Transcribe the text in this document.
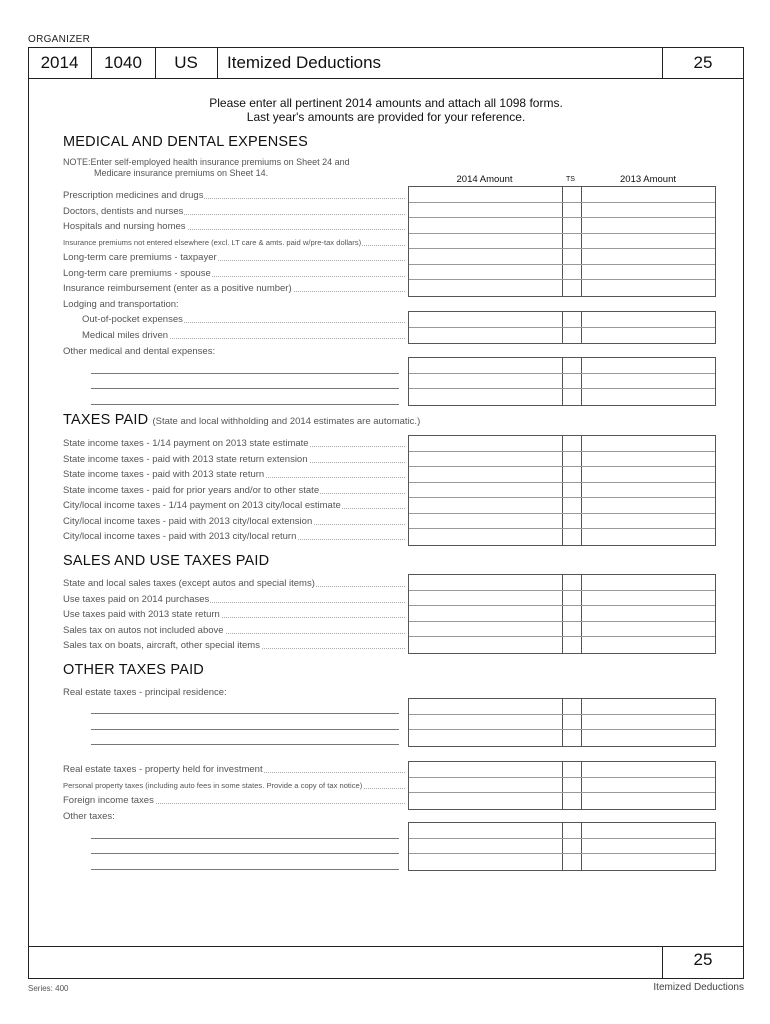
ORGANIZER
2014	1040	US	Itemized Deductions	25
Please enter all pertinent 2014 amounts and attach all 1098 forms.
Last year's amounts are provided for your reference.
MEDICAL AND DENTAL EXPENSES
NOTE:Enter self-employed health insurance premiums on Sheet 24 and
Medicare insurance premiums on Sheet 14.
2014 Amount	TS	2013 Amount
Prescription medicines and drugs
Doctors, dentists and nurses
Hospitals and nursing homes
Insurance premiums not entered elsewhere (excl. LT care & amts. paid w/pre-tax dollars)
Long-term care premiums - taxpayer
Long-term care premiums - spouse
Insurance reimbursement (enter as a positive number)
Lodging and transportation:
Out-of-pocket expenses
Medical miles driven
Other medical and dental expenses:
TAXES PAID (State and local withholding and 2014 estimates are automatic.)
State income taxes - 1/14 payment on 2013 state estimate
State income taxes - paid with 2013 state return extension
State income taxes - paid with 2013 state return
State income taxes - paid for prior years and/or to other state
City/local income taxes - 1/14 payment on 2013 city/local estimate
City/local income taxes - paid with 2013 city/local extension
City/local income taxes - paid with 2013 city/local return
SALES AND USE TAXES PAID
State and local sales taxes (except autos and special items)
Use taxes paid on 2014 purchases
Use taxes paid with 2013 state return
Sales tax on autos not included above
Sales tax on boats, aircraft, other special items
OTHER TAXES PAID
Real estate taxes - principal residence:
Real estate taxes - property held for investment
Personal property taxes (including auto fees in some states. Provide a copy of tax notice)
Foreign income taxes
Other taxes:
25
Series: 400	Itemized Deductions
